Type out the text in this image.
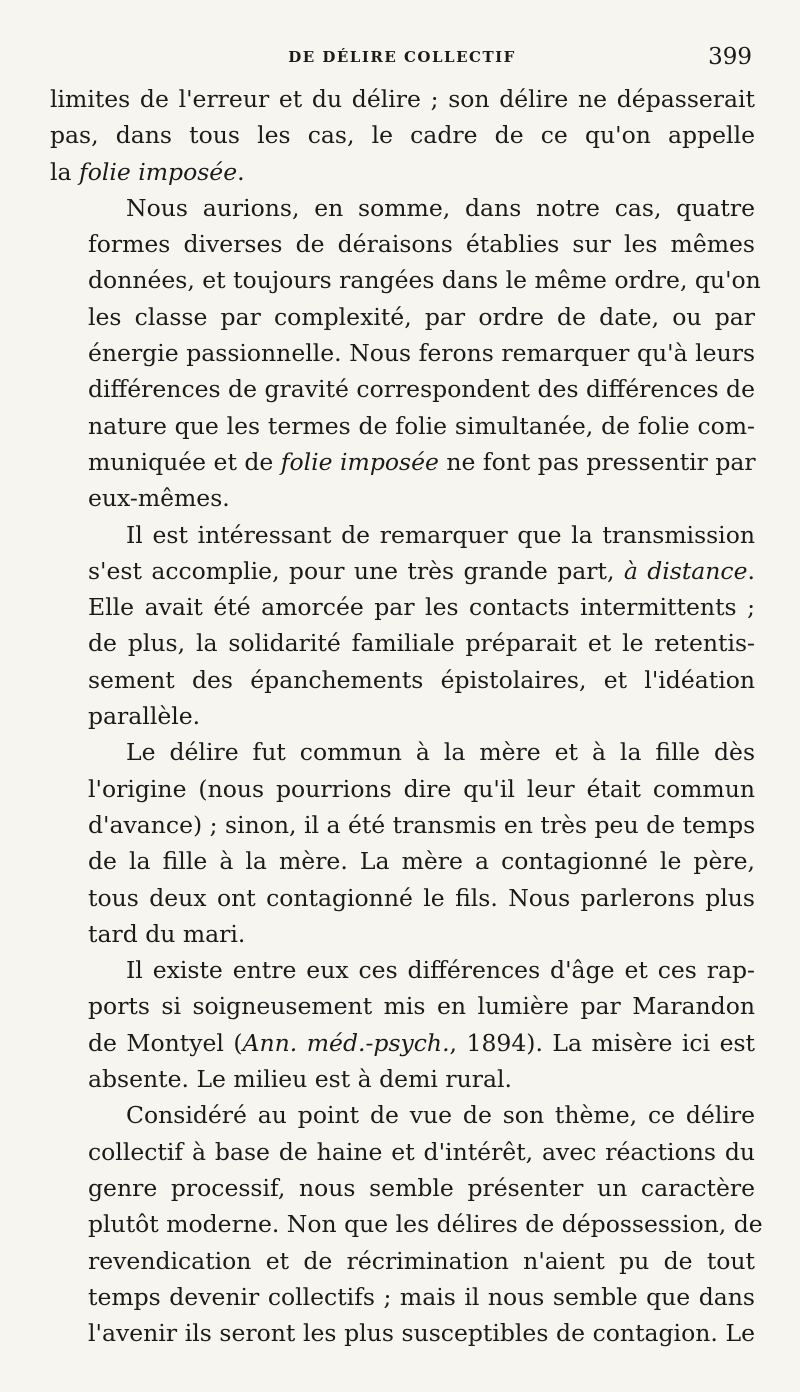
DE DÉLIRE COLLECTIF	399
limites de l'erreur et du délire ; son délire ne dépasserait
pas, dans tous les cas, le cadre de ce qu'on appelle
la folie imposée.
Nous aurions, en somme, dans notre cas, quatre
formes diverses de déraisons établies sur les mêmes
données, et toujours rangées dans le même ordre, qu'on
les classe par complexité, par ordre de date, ou par
énergie passionnelle. Nous ferons remarquer qu'à leurs
différences de gravité correspondent des différences de
nature que les termes de folie simultanée, de folie com-
muniquée et de folie imposée ne font pas pressentir par
eux-mêmes.
Il est intéressant de remarquer que la transmission
s'est accomplie, pour une très grande part, à distance.
Elle avait été amorcée par les contacts intermittents ;
de plus, la solidarité familiale préparait et le retentis-
sement des épanchements épistolaires, et l'idéation
parallèle.
Le délire fut commun à la mère et à la fille dès
l'origine (nous pourrions dire qu'il leur était commun
d'avance) ; sinon, il a été transmis en très peu de temps
de la fille à la mère. La mère a contagionné le père,
tous deux ont contagionné le fils. Nous parlerons plus
tard du mari.
Il existe entre eux ces différences d'âge et ces rap-
ports si soigneusement mis en lumière par Marandon
de Montyel (Ann. méd.-psych., 1894). La misère ici est
absente. Le milieu est à demi rural.
Considéré au point de vue de son thème, ce délire
collectif à base de haine et d'intérêt, avec réactions du
genre processif, nous semble présenter un caractère
plutôt moderne. Non que les délires de dépossession, de
revendication et de récrimination n'aient pu de tout
temps devenir collectifs ; mais il nous semble que dans
l'avenir ils seront les plus susceptibles de contagion. Le
